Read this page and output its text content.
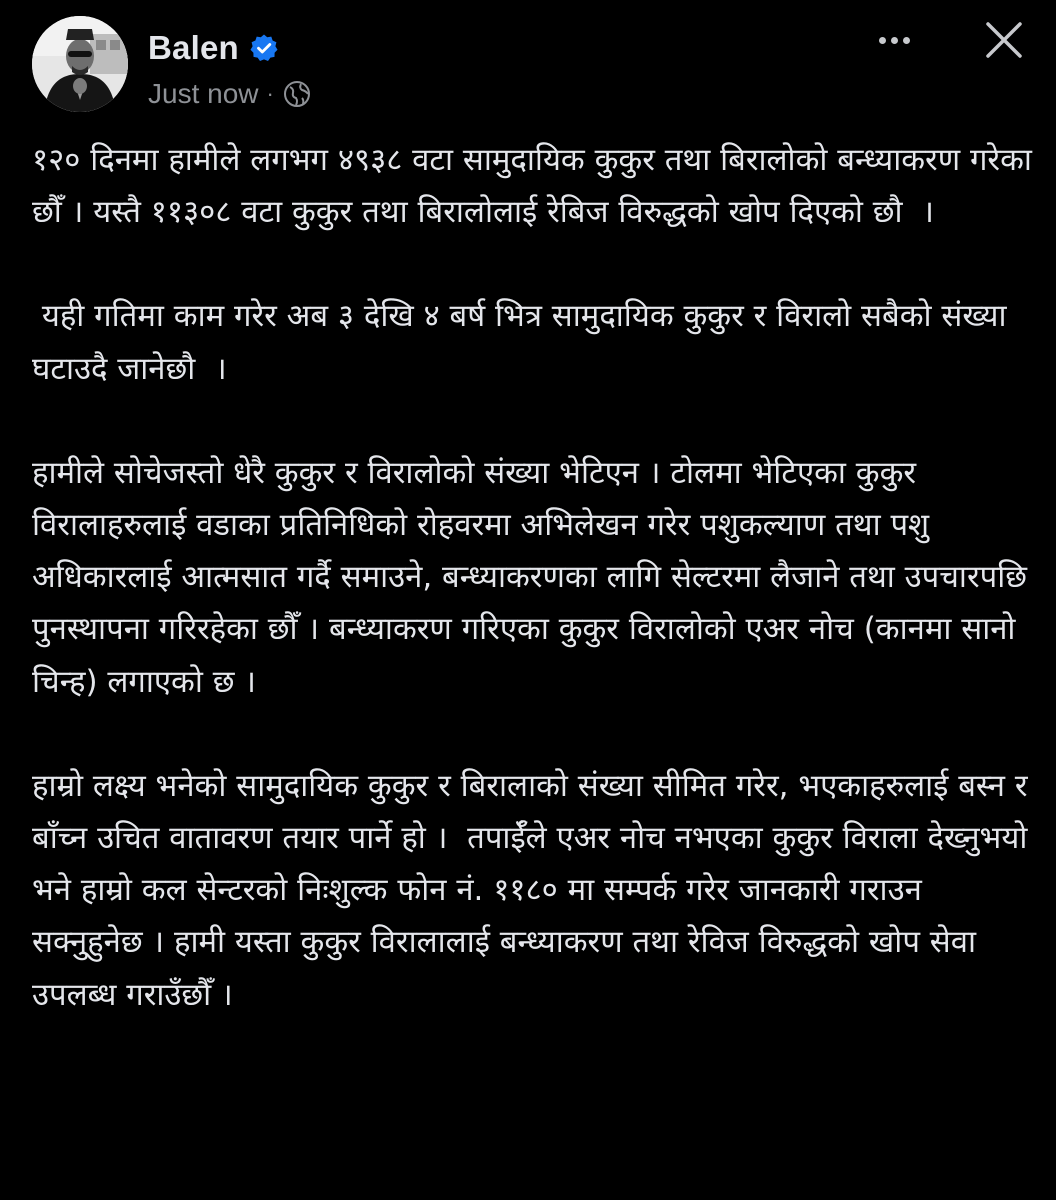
Balen
Just now ·

१२० दिनमा हामीले लगभग ४९३८ वटा सामुदायिक कुकुर तथा बिरालोको बन्ध्याकरण गरेका छौँ । यस्तै ११३०८ वटा कुकुर तथा बिरालोलाई रेबिज विरुद्धको खोप दिएको छौ  ।

यही गतिमा काम गरेर अब ३ देखि ४ बर्ष भित्र सामुदायिक कुकुर र विरालो सबैको संख्या घटाउदै जानेछौ  ।

हामीले सोचेजस्तो धेरै कुकुर र विरालोको संख्या भेटिएन । टोलमा भेटिएका कुकुर विरालाहरुलाई वडाका प्रतिनिधिको रोहवरमा अभिलेखन गरेर पशुकल्याण तथा पशु अधिकारलाई आत्मसात गर्दै समाउने, बन्ध्याकरणका लागि सेल्टरमा लैजाने तथा उपचारपछि पुनस्थापना गरिरहेका छौँ । बन्ध्याकरण गरिएका कुकुर विरालोको एअर नोच (कानमा सानो चिन्ह) लगाएको छ ।

हाम्रो लक्ष्य भनेको सामुदायिक कुकुर र बिरालाको संख्या सीमित गरेर, भएकाहरुलाई बस्न र बाँच्न उचित वातावरण तयार पार्ने हो ।  तपाईँले एअर नोच नभएका कुकुर विराला देख्नुभयो भने हाम्रो कल सेन्टरको निःशुल्क फोन नं. ११८० मा सम्पर्क गरेर जानकारी गराउन सक्नु्हुनेछ । हामी यस्ता कुकुर विरालालाई बन्ध्याकरण तथा रेविज विरुद्धको खोप सेवा उपलब्ध गराउँछौँ ।
